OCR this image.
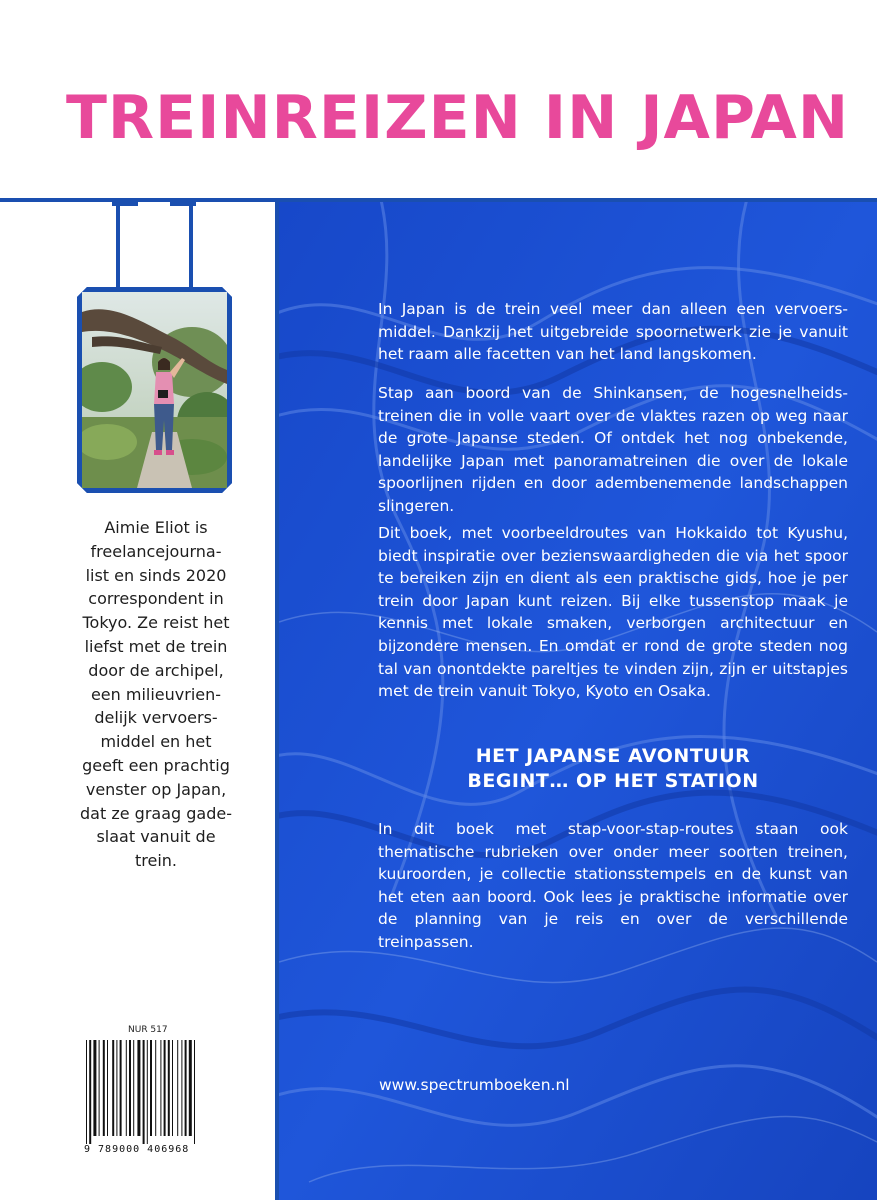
TREINREIZEN IN JAPAN
Aimie Eliot is
freelancejourna-
list en sinds 2020
correspondent in
Tokyo. Ze reist het
liefst met de trein
door de archipel,
een milieuvrien-
delijk vervoers-
middel en het
geeft een prachtig
venster op Japan,
dat ze graag gade-
slaat vanuit de
trein.
NUR 517
9 789000 406968
In Japan is de trein veel meer dan alleen een vervoersmiddel. Dankzij het uitgebreide spoornetwerk zie je vanuit het raam alle facetten van het land langskomen.
Stap aan boord van de Shinkansen, de hogesnelheidstreinen die in volle vaart over de vlaktes razen op weg naar de grote Japanse steden. Of ontdek het nog onbekende, landelijke Japan met panoramatreinen die over de lokale spoorlijnen rijden en door adembenemende landschappen slingeren.
Dit boek, met voorbeeldroutes van Hokkaido tot Kyushu, biedt inspiratie over bezienswaardigheden die via het spoor te bereiken zijn en dient als een praktische gids, hoe je per trein door Japan kunt reizen. Bij elke tussenstop maak je kennis met lokale smaken, verborgen architectuur en bijzondere mensen. En omdat er rond de grote steden nog tal van onontdekte pareltjes te vinden zijn, zijn er uitstapjes met de trein vanuit Tokyo, Kyoto en Osaka.
HET JAPANSE AVONTUUR
BEGINT… OP HET STATION
In dit boek met stap-voor-stap-routes staan ook thematische rubrieken over onder meer soorten treinen, kuuroorden, je collectie stationsstempels en de kunst van het eten aan boord. Ook lees je praktische informatie over de planning van je reis en over de verschillende treinpassen.
www.spectrumboeken.nl
